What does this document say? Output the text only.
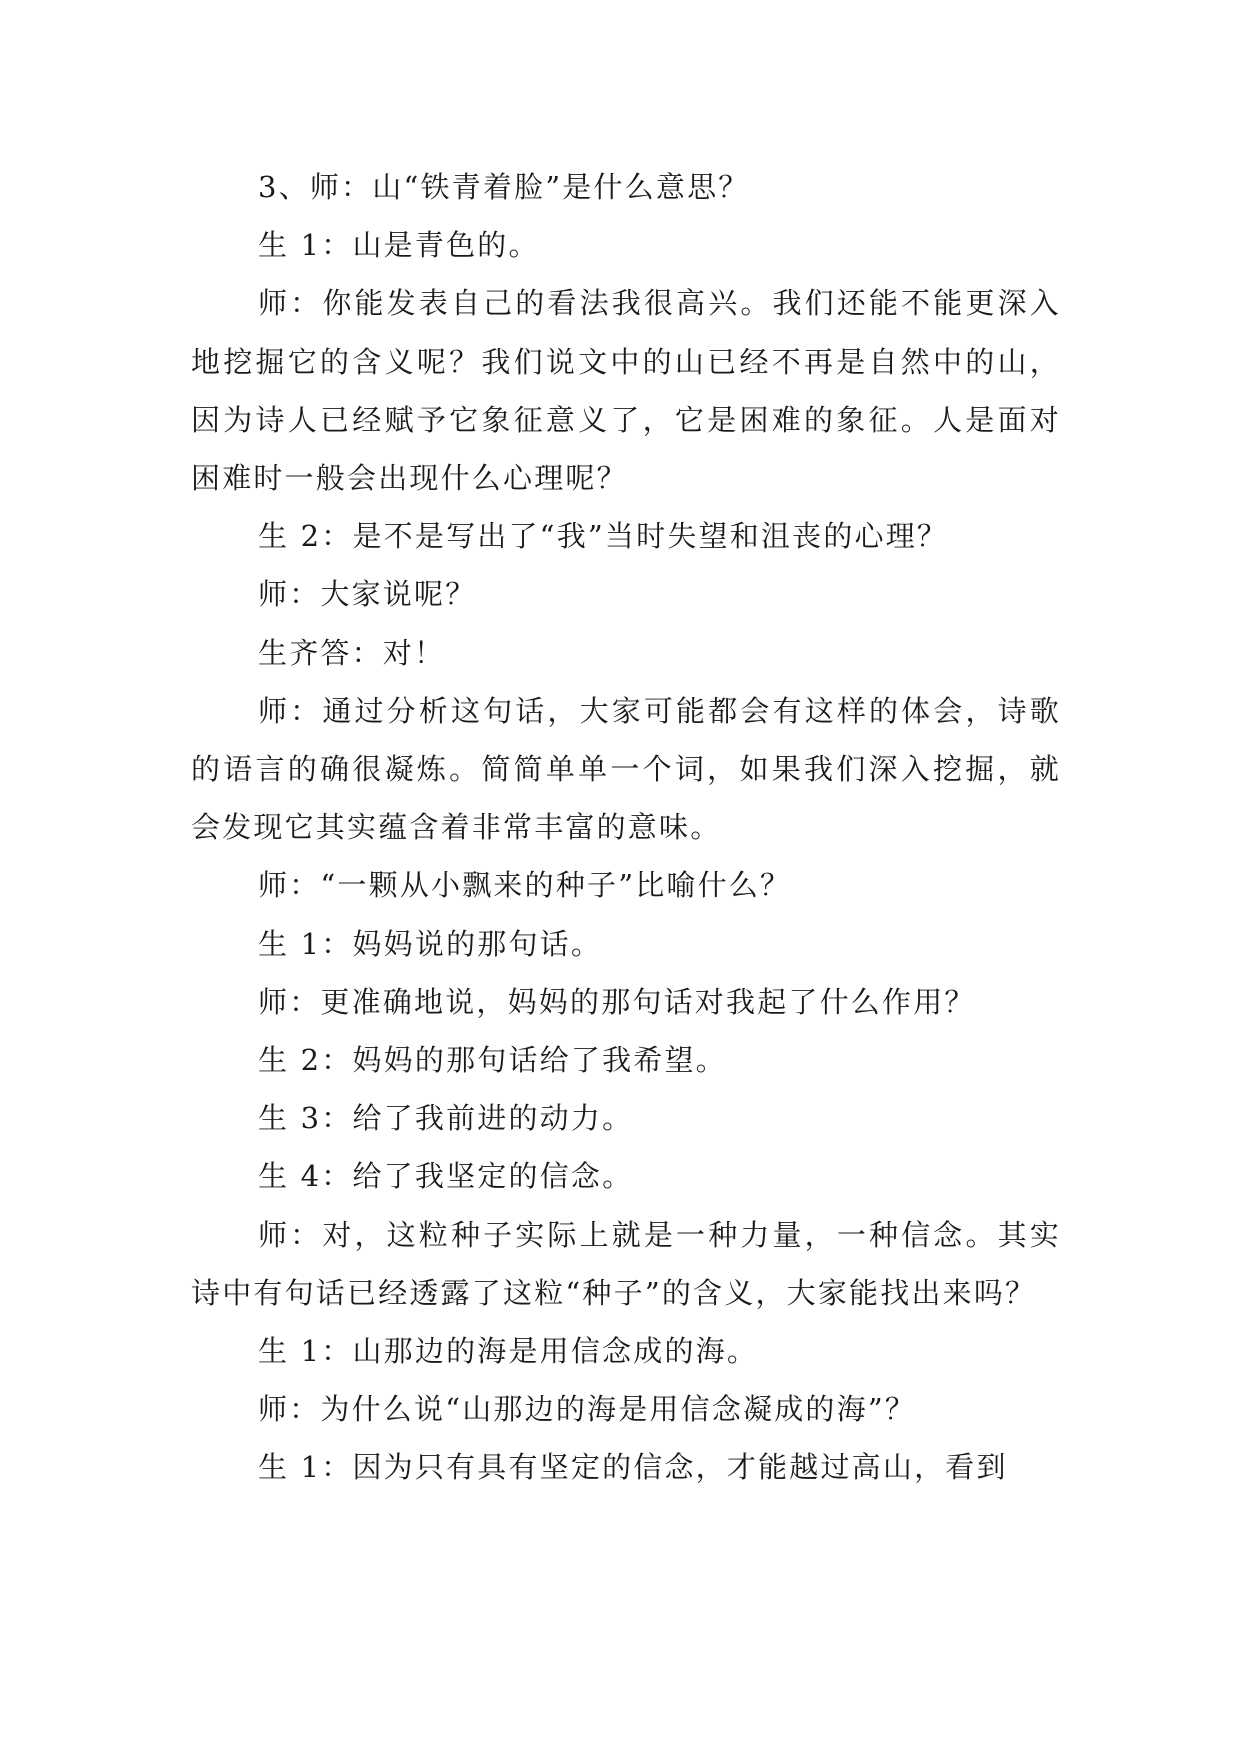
3、师：山“铁青着脸”是什么意思？

生 1：山是青色的。

师：你能发表自己的看法我很高兴。我们还能不能更深入地挖掘它的含义呢？我们说文中的山已经不再是自然中的山，因为诗人已经赋予它象征意义了，它是困难的象征。人是面对困难时一般会出现什么心理呢？

生 2：是不是写出了“我”当时失望和沮丧的心理？

师：大家说呢？

生齐答：对！

师：通过分析这句话，大家可能都会有这样的体会，诗歌的语言的确很凝炼。简简单单一个词，如果我们深入挖掘，就会发现它其实蕴含着非常丰富的意味。

师：“一颗从小飘来的种子”比喻什么？

生 1：妈妈说的那句话。

师：更准确地说，妈妈的那句话对我起了什么作用？

生 2：妈妈的那句话给了我希望。

生 3：给了我前进的动力。

生 4：给了我坚定的信念。

师：对，这粒种子实际上就是一种力量，一种信念。其实诗中有句话已经透露了这粒“种子”的含义，大家能找出来吗？

生 1：山那边的海是用信念成的海。

师：为什么说“山那边的海是用信念凝成的海”？

生 1：因为只有具有坚定的信念，才能越过高山，看到
